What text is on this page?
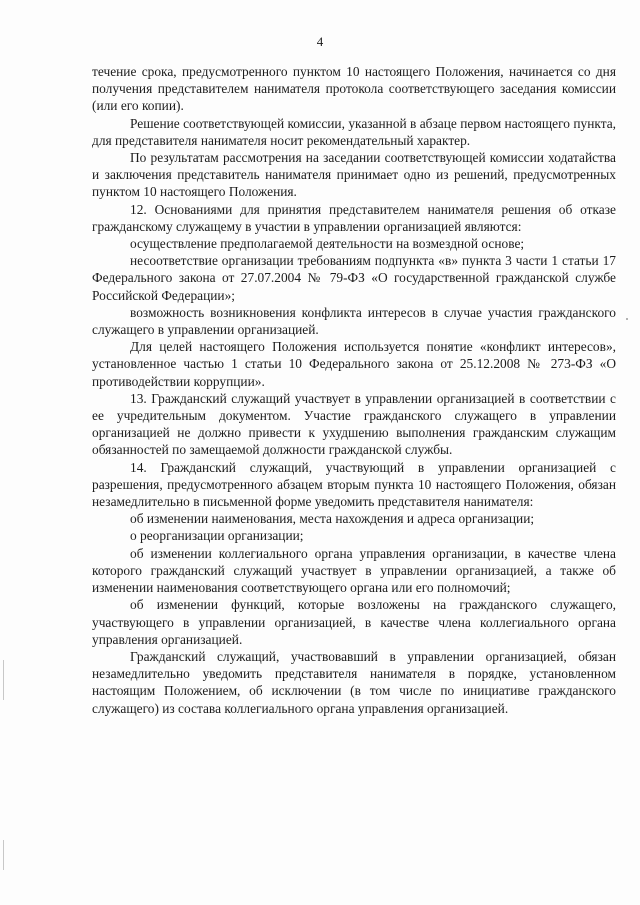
4

течение срока, предусмотренного пунктом 10 настоящего Положения, начинается со дня получения представителем нанимателя протокола соответствующего заседания комиссии (или его копии).

Решение соответствующей комиссии, указанной в абзаце первом настоящего пункта, для представителя нанимателя носит рекомендательный характер.

По результатам рассмотрения на заседании соответствующей комиссии ходатайства и заключения представитель нанимателя принимает одно из решений, предусмотренных пунктом 10 настоящего Положения.

12. Основаниями для принятия представителем нанимателя решения об отказе гражданскому служащему в участии в управлении организацией являются:

осуществление предполагаемой деятельности на возмездной основе;

несоответствие организации требованиям подпункта «в» пункта 3 части 1 статьи 17 Федерального закона от 27.07.2004 № 79-ФЗ «О государственной гражданской службе Российской Федерации»;

возможность возникновения конфликта интересов в случае участия гражданского служащего в управлении организацией.

Для целей настоящего Положения используется понятие «конфликт интересов», установленное частью 1 статьи 10 Федерального закона от 25.12.2008 № 273-ФЗ «О противодействии коррупции».

13. Гражданский служащий участвует в управлении организацией в соответствии с ее учредительным документом. Участие гражданского служащего в управлении организацией не должно привести к ухудшению выполнения гражданским служащим обязанностей по замещаемой должности гражданской службы.

14. Гражданский служащий, участвующий в управлении организацией с разрешения, предусмотренного абзацем вторым пункта 10 настоящего Положения, обязан незамедлительно в письменной форме уведомить представителя нанимателя:

об изменении наименования, места нахождения и адреса организации;

о реорганизации организации;

об изменении коллегиального органа управления организации, в качестве члена которого гражданский служащий участвует в управлении организацией, а также об изменении наименования соответствующего органа или его полномочий;

об изменении функций, которые возложены на гражданского служащего, участвующего в управлении организацией, в качестве члена коллегиального органа управления организацией.

Гражданский служащий, участвовавший в управлении организацией, обязан незамедлительно уведомить представителя нанимателя в порядке, установленном настоящим Положением, об исключении (в том числе по инициативе гражданского служащего) из состава коллегиального органа управления организацией.
